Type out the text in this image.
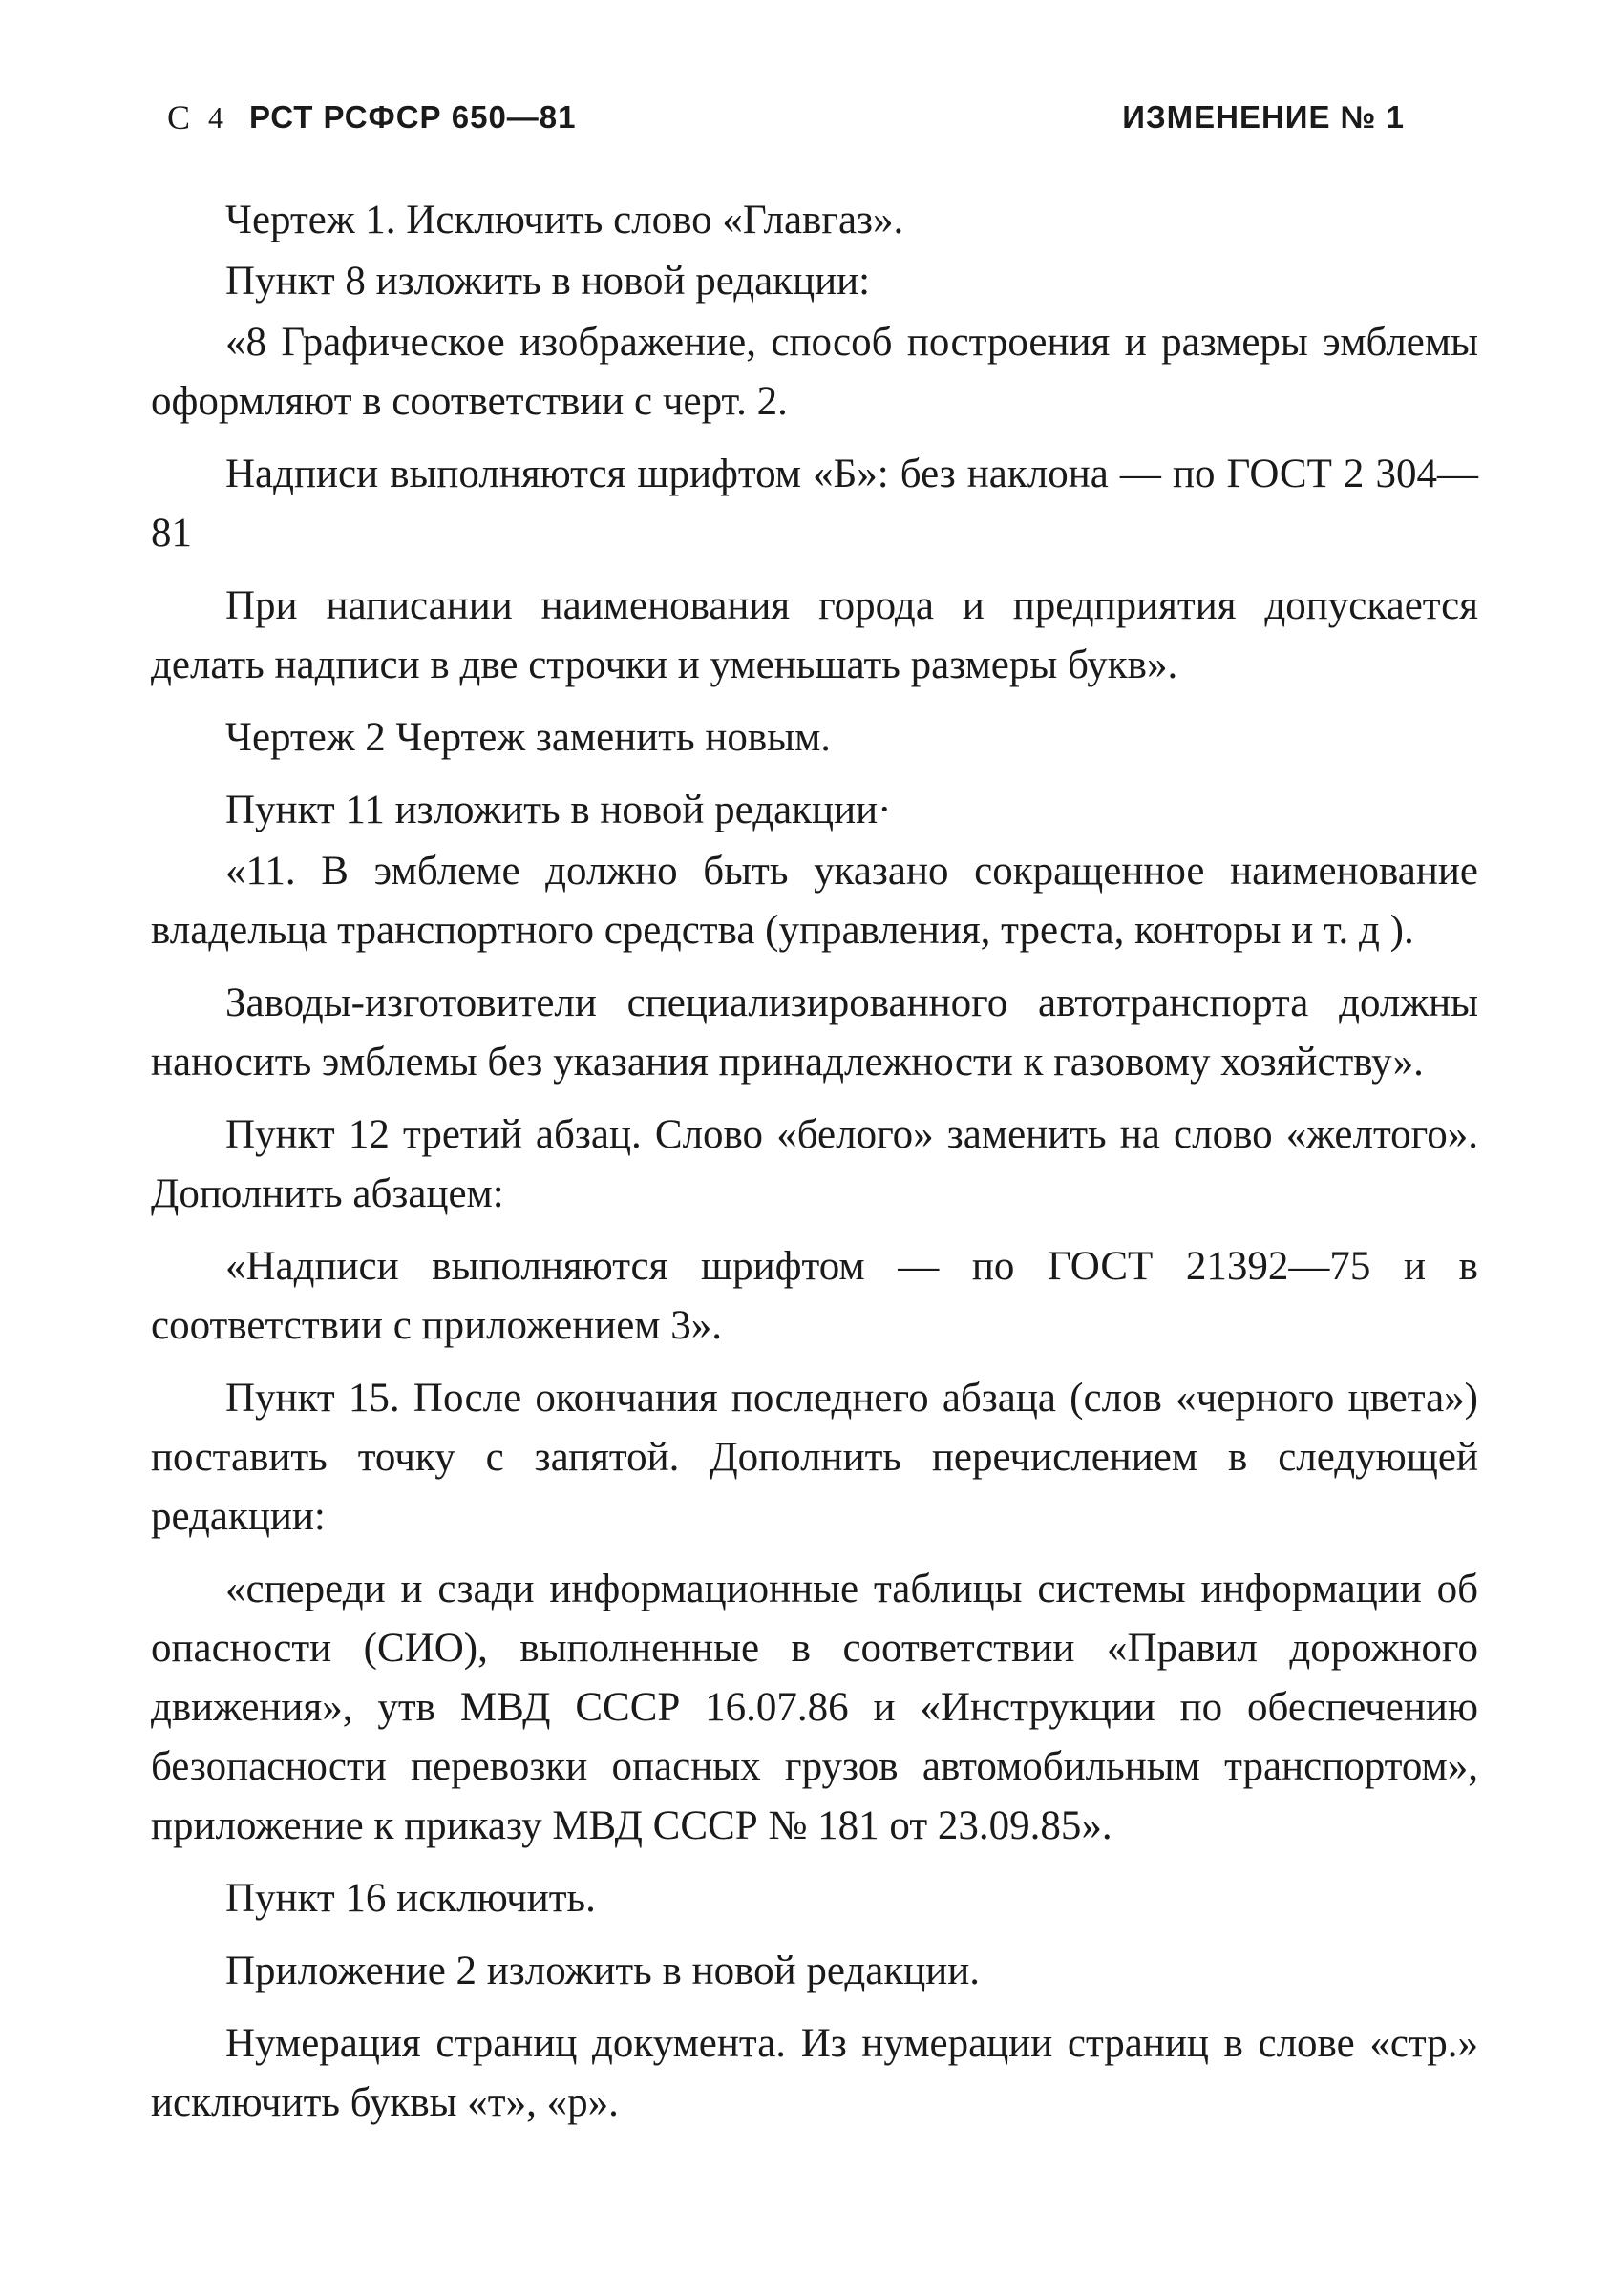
С 4 РСТ РСФСР 650—81	ИЗМЕНЕНИЕ № 1

Чертеж 1. Исключить слово «Главгаз».

Пункт 8 изложить в новой редакции:

«8 Графическое изображение, способ построения и размеры эмблемы оформляют в соответствии с черт. 2.

Надписи выполняются шрифтом «Б»: без наклона — по ГОСТ 2 304—81

При написании наименования города и предприятия допускается делать надписи в две строчки и уменьшать размеры букв».

Чертеж 2 Чертеж заменить новым.

Пункт 11 изложить в новой редакции·

«11. В эмблеме должно быть указано сокращенное наименование владельца транспортного средства (управления, треста, конторы и т. д ).

Заводы-изготовители специализированного автотранспорта должны наносить эмблемы без указания принадлежности к газовому хозяйству».

Пункт 12 третий абзац. Слово «белого» заменить на слово «желтого». Дополнить абзацем:

«Надписи выполняются шрифтом — по ГОСТ 21392—75 и в соответствии с приложением 3».

Пункт 15. После окончания последнего абзаца (слов «черного цвета») поставить точку с запятой. Дополнить перечислением в следующей редакции:

«спереди и сзади информационные таблицы системы информации об опасности (СИО), выполненные в соответствии «Правил дорожного движения», утв МВД СССР 16.07.86 и «Инструкции по обеспечению безопасности перевозки опасных грузов автомобильным транспортом», приложение к приказу МВД СССР № 181 от 23.09.85».

Пункт 16 исключить.

Приложение 2 изложить в новой редакции.

Нумерация страниц документа. Из нумерации страниц в слове «стр.» исключить буквы «т», «р».
